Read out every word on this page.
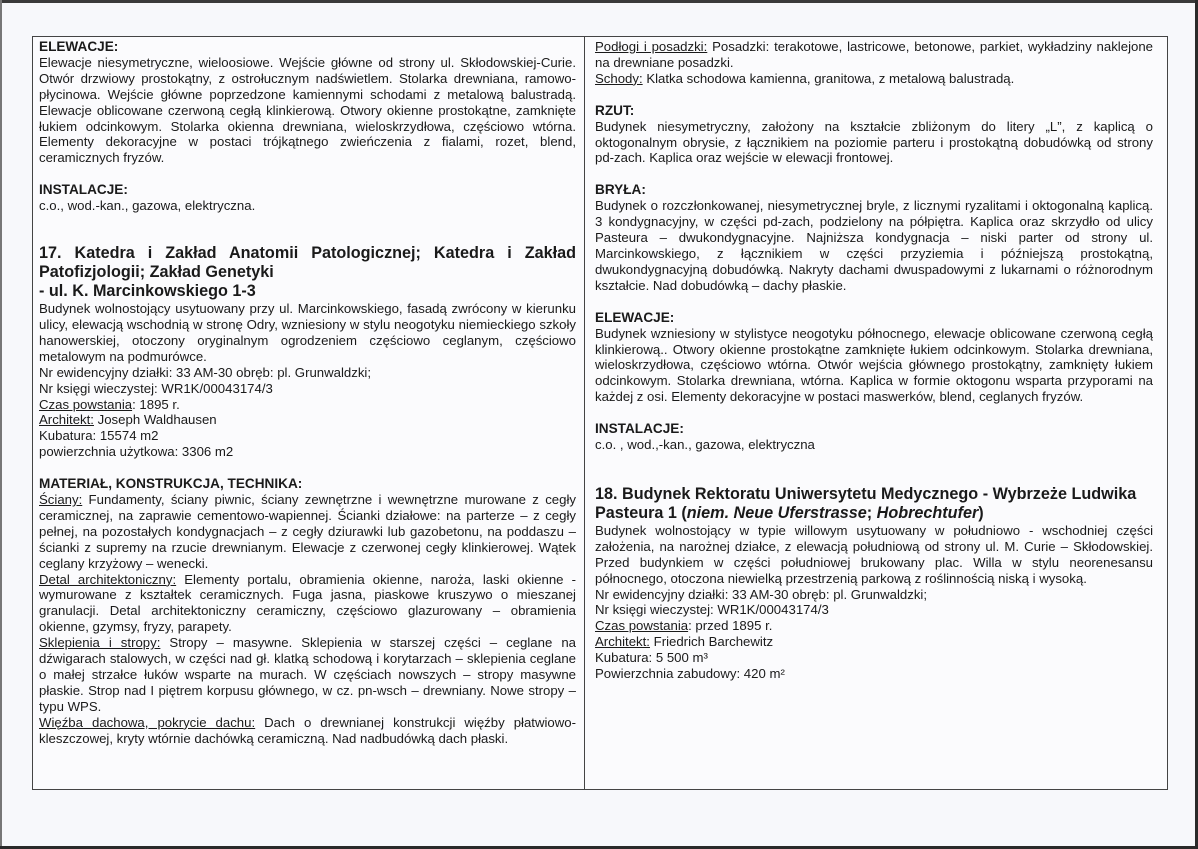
ELEWACJE:

Elewacje niesymetryczne, wieloosiowe. Wejście główne od strony ul. Skłodowskiej-Curie. Otwór drzwiowy prostokątny, z ostrołucznym nadświetlem. Stolarka drewniana, ramowo-płycinowa. Wejście główne poprzedzone kamiennymi schodami z metalową balustradą. Elewacje oblicowane czerwoną cegłą klinkierową. Otwory okienne prostokątne, zamknięte łukiem odcinkowym. Stolarka okienna drewniana, wieloskrzydłowa, częściowo wtórna. Elementy dekoracyjne w postaci trójkątnego zwieńczenia z fialami, rozet, blend, ceramicznych fryzów.

INSTALACJE:

c.o., wod.-kan., gazowa, elektryczna.

17. Katedra i Zakład Anatomii Patologicznej; Katedra i Zakład Patofizjologii; Zakład Genetyki

- ul. K. Marcinkowskiego 1-3

Budynek wolnostojący usytuowany przy ul. Marcinkowskiego, fasadą zwrócony w kierunku ulicy, elewacją wschodnią w stronę Odry, wzniesiony w stylu neogotyku niemieckiego szkoły hanowerskiej, otoczony oryginalnym ogrodzeniem częściowo ceglanym, częściowo metalowym na podmurówce.

Nr ewidencyjny działki: 33 AM-30 obręb: pl. Grunwaldzki;

Nr księgi wieczystej: WR1K/00043174/3

Czas powstania: 1895 r.

Architekt: Joseph Waldhausen

Kubatura: 15574 m2

powierzchnia użytkowa: 3306 m2

MATERIAŁ, KONSTRUKCJA, TECHNIKA:

Ściany: Fundamenty, ściany piwnic, ściany zewnętrzne i wewnętrzne murowane z cegły ceramicznej, na zaprawie cementowo-wapiennej. Ścianki działowe: na parterze – z cegły pełnej, na pozostałych kondygnacjach – z cegły dziurawki lub gazobetonu, na poddaszu – ścianki z supremy na rzucie drewnianym. Elewacje z czerwonej cegły klinkierowej. Wątek ceglany krzyżowy – wenecki.

Detal architektoniczny: Elementy portalu, obramienia okienne, naroża, laski okienne - wymurowane z kształtek ceramicznych. Fuga jasna, piaskowe kruszywo o mieszanej granulacji. Detal architektoniczny ceramiczny, częściowo glazurowany – obramienia okienne, gzymsy, fryzy, parapety.

Sklepienia i stropy: Stropy – masywne. Sklepienia w starszej części – ceglane na dźwigarach stalowych, w części nad gł. klatką schodową i korytarzach – sklepienia ceglane o małej strzałce łuków wsparte na murach. W częściach nowszych – stropy masywne płaskie. Strop nad I piętrem korpusu głównego, w cz. pn-wsch – drewniany. Nowe stropy – typu WPS.

Więźba dachowa, pokrycie dachu: Dach o drewnianej konstrukcji więźby płatwiowo-kleszczowej, kryty wtórnie dachówką ceramiczną. Nad nadbudówką dach płaski.

Podłogi i posadzki: Posadzki: terakotowe, lastricowe, betonowe, parkiet, wykładziny naklejone na drewniane posadzki.

Schody: Klatka schodowa kamienna, granitowa, z metalową balustradą.

RZUT:

Budynek niesymetryczny, założony na kształcie zbliżonym do litery „L”, z kaplicą o oktogonalnym obrysie, z łącznikiem na poziomie parteru i prostokątną dobudówką od strony pd-zach. Kaplica oraz wejście w elewacji frontowej.

BRYŁA:

Budynek o rozczłonkowanej, niesymetrycznej bryle, z licznymi ryzalitami i oktogonalną kaplicą. 3 kondygnacyjny, w części pd-zach, podzielony na półpiętra. Kaplica oraz skrzydło od ulicy Pasteura – dwukondygnacyjne. Najniższa kondygnacja – niski parter od strony ul. Marcinkowskiego, z łącznikiem w części przyziemia i późniejszą prostokątną, dwukondygnacyjną dobudówką. Nakryty dachami dwuspadowymi z lukarnami o różnorodnym kształcie. Nad dobudówką – dachy płaskie.

ELEWACJE:

Budynek wzniesiony w stylistyce neogotyku północnego, elewacje oblicowane czerwoną cegłą klinkierową.. Otwory okienne prostokątne zamknięte łukiem odcinkowym. Stolarka drewniana, wieloskrzydłowa, częściowo wtórna. Otwór wejścia głównego prostokątny, zamknięty łukiem odcinkowym. Stolarka drewniana, wtórna. Kaplica w formie oktogonu wsparta przyporami na każdej z osi. Elementy dekoracyjne w postaci maswerków, blend, ceglanych fryzów.

INSTALACJE:

c.o. , wod.,-kan., gazowa, elektryczna

18. Budynek Rektoratu Uniwersytetu Medycznego - Wybrzeże Ludwika Pasteura 1 (niem. Neue Uferstrasse; Hobrechtufer)

Budynek wolnostojący w typie willowym usytuowany w południowo - wschodniej części założenia, na narożnej działce, z elewacją południową od strony ul. M. Curie – Skłodowskiej. Przed budynkiem w części południowej brukowany plac. Willa w stylu neorenesansu północnego, otoczona niewielką przestrzenią parkową z roślinnością niską i wysoką.

Nr ewidencyjny działki: 33 AM-30 obręb: pl. Grunwaldzki;

Nr księgi wieczystej: WR1K/00043174/3

Czas powstania: przed 1895 r.

Architekt: Friedrich Barchewitz

Kubatura: 5 500 m³

Powierzchnia zabudowy: 420 m²
